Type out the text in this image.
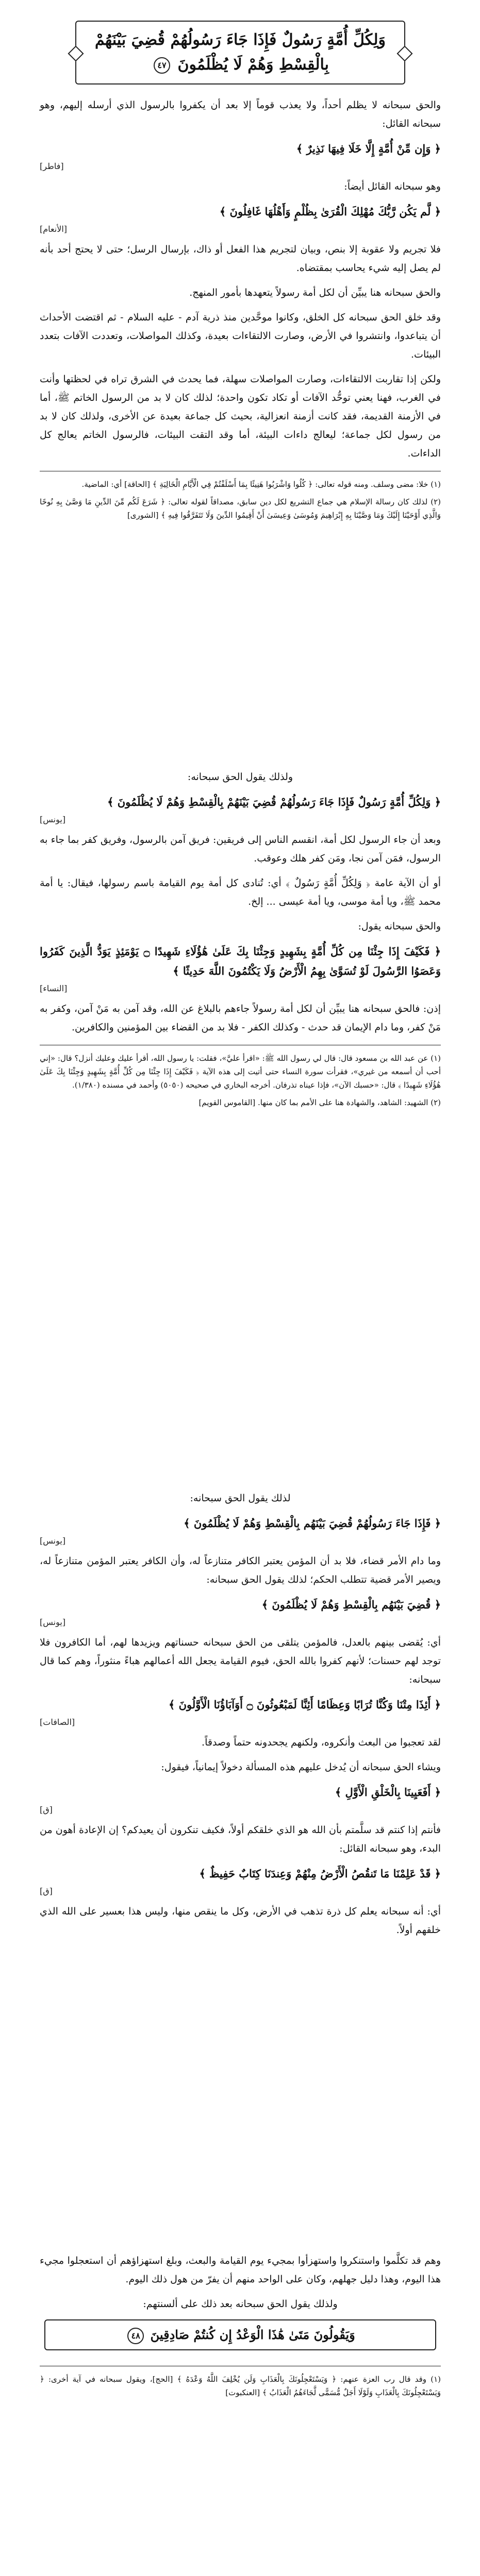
وَلِكُلِّ أُمَّةٍ رَسُولٌ فَإِذَا جَاءَ رَسُولُهُمْ قُضِيَ بَيْنَهُمْ بِالْقِسْطِ وَهُمْ لَا يُظْلَمُونَ ٤٧

والحق سبحانه لا يظلم أحداً، ولا يعذب قوماً إلا بعد أن يكفروا بالرسول الذي أرسله إليهم، وهو سبحانه القائل:

﴿ وَإِن مِّنْ أُمَّةٍ إِلَّا خَلَا فِيهَا نَذِيرٌ ﴾

[فاطر]

وهو سبحانه القائل أيضاً:

﴿ لَّم يَكُن رَّبُّكَ مُهْلِكَ الْقُرَىٰ بِظُلْمٍ وَأَهْلُهَا غَافِلُونَ ﴾

[الأنعام]

فلا تجريم ولا عقوبة إلا بنص، وبيان لتجريم هذا الفعل أو ذاك، بإرسال الرسل؛ حتى لا يحتج أحد بأنه لم يصل إليه شيء يحاسب بمقتضاه.

والحق سبحانه هنا يبيِّن أن لكل أمة رسولاً يتعهدها بأمور المنهج.

وقد خلق الحق سبحانه كل الخلق، وكانوا موحَّدين منذ ذرية آدم - عليه السلام - ثم اقتضت الأحداث أن يتباعدوا، وانتشروا في الأرض، وصارت الالتقاءات بعيدة، وكذلك المواصلات، وتعددت الآفات بتعدد البيئات.

ولكن إذا تقاربت الالتقاءات، وصارت المواصلات سهلة، فما يحدث في الشرق تراه في لحظتها وأنت في الغرب، فهنا يعني توحُّد الآفات أو تكاد تكون واحدة؛ لذلك كان لا بد من الرسول الخاتم ﷺ، أما في الأزمنة القديمة، فقد كانت أزمنة انعزالية، بحيث كل جماعة بعيدة عن الأخرى، ولذلك كان لا بد من رسول لكل جماعة؛ ليعالج داءات البيئة، أما وقد التقت البيئات، فالرسول الخاتم يعالج كل الداءات.

(١) خلا: مضى وسلف. ومنه قوله تعالى: ﴿ كُلُوا وَاشْرَبُوا هَنِيئًا بِمَا أَسْلَفْتُمْ فِي الْأَيَّامِ الْخَالِيَةِ ﴾ [الحاقة] أي: الماضية.

(٢) لذلك كان رسالة الإسلام هي جماع التشريع لكل دين سابق، مصداقاً لقوله تعالى: ﴿ شَرَعَ لَكُم مِّنَ الدِّينِ مَا وَصَّىٰ بِهِ نُوحًا وَالَّذِي أَوْحَيْنَا إِلَيْكَ وَمَا وَصَّيْنَا بِهِ إِبْرَاهِيمَ وَمُوسَىٰ وَعِيسَىٰ أَنْ أَقِيمُوا الدِّينَ وَلَا تَتَفَرَّقُوا فِيهِ ﴾ [الشورى]

ولذلك يقول الحق سبحانه:

﴿ وَلِكُلِّ أُمَّةٍ رَسُولٌ فَإِذَا جَاءَ رَسُولُهُمْ قُضِيَ بَيْنَهُمْ بِالْقِسْطِ وَهُمْ لَا يُظْلَمُونَ ﴾

[يونس]

وبعد أن جاء الرسول لكل أمة، انقسم الناس إلى فريقين: فريق آمن بالرسول، وفريق كفر بما جاء به الرسول، فمَن آمن نجا، ومَن كفر هلك وعوقب.

أو أن الآية عامة ﴿ وَلِكُلِّ أُمَّةٍ رَسُولٌ ﴾ أي: تُنادى كل أمة يوم القيامة باسم رسولها، فيقال: يا أمة محمد ﷺ، ويا أمة موسى، ويا أمة عيسى ... إلخ.

والحق سبحانه يقول:

﴿ فَكَيْفَ إِذَا جِئْنَا مِن كُلِّ أُمَّةٍ بِشَهِيدٍ وَجِئْنَا بِكَ عَلَىٰ هَٰؤُلَاءِ شَهِيدًا ۝ يَوْمَئِذٍ يَوَدُّ الَّذِينَ كَفَرُوا وَعَصَوُا الرَّسُولَ لَوْ تُسَوَّىٰ بِهِمُ الْأَرْضُ وَلَا يَكْتُمُونَ اللَّهَ حَدِيثًا ﴾

[النساء]

إذن: فالحق سبحانه هنا يبيِّن أن لكل أمة رسولاً جاءهم بالبلاغ عن الله، وقد آمن به مَنْ آمن، وكفر به مَنْ كفر، وما دام الإيمان قد حدث - وكذلك الكفر - فلا بد من القضاء بين المؤمنين والكافرين.

(١) عن عبد الله بن مسعود قال: قال لي رسول الله ﷺ: «اقرأ عليَّ»، فقلت: يا رسول الله، أقرأ عليك وعليك أنزل؟ قال: «إني أحب أن أسمعه من غيري»، فقرأت سورة النساء حتى أتيت إلى هذه الآية ﴿ فَكَيْفَ إِذَا جِئْنَا مِن كُلِّ أُمَّةٍ بِشَهِيدٍ وَجِئْنَا بِكَ عَلَىٰ هَٰؤُلَاءِ شَهِيدًا ﴾ قال: «حسبك الآن»، فإذا عيناه تذرفان. أخرجه البخاري في صحيحه (٥٠٥٠) وأحمد في مسنده (١/٣٨٠).

(٢) الشهيد: الشاهد، والشهادة هنا على الأمم بما كان منها. [القاموس القويم]

لذلك يقول الحق سبحانه:

﴿ فَإِذَا جَاءَ رَسُولُهُمْ قُضِيَ بَيْنَهُم بِالْقِسْطِ وَهُمْ لَا يُظْلَمُونَ ﴾

[يونس]

وما دام الأمر قضاء، فلا بد أن المؤمن يعتبر الكافر متنازعاً له، وأن الكافر يعتبر المؤمن متنازعاً له، ويصير الأمر قضية تتطلب الحكم؛ لذلك يقول الحق سبحانه:

﴿ قُضِيَ بَيْنَهُم بِالْقِسْطِ وَهُمْ لَا يُظْلَمُونَ ﴾

[يونس]

أي: يُقضى بينهم بالعدل، فالمؤمن يتلقى من الحق سبحانه حسناتهم ويزيدها لهم، أما الكافرون فلا توجد لهم حسنات؛ لأنهم كفروا بالله الحق، فيوم القيامة يجعل الله أعمالهم هباءً منثوراً، وهم كما قال سبحانه:

﴿ أَئِذَا مِتْنَا وَكُنَّا تُرَابًا وَعِظَامًا أَئِنَّا لَمَبْعُوثُونَ ۝ أَوَآبَاؤُنَا الْأَوَّلُونَ ﴾

[الصافات]

لقد تعجبوا من البعث وأنكروه، ولكنهم يجحدونه حتماً وصدقاً.

ويشاء الحق سبحانه أن يُدخل عليهم هذه المسألة دخولاً إيمانياً، فيقول:

﴿ أَفَعَيِينَا بِالْخَلْقِ الْأَوَّلِ ﴾

[ق]

فأنتم إذا كنتم قد سلَّمتم بأن الله هو الذي خلقكم أولاً، فكيف تنكرون أن يعيدكم؟ إن الإعادة أهون من البدء، وهو سبحانه القائل:

﴿ قَدْ عَلِمْنَا مَا تَنقُصُ الْأَرْضُ مِنْهُمْ وَعِندَنَا كِتَابٌ حَفِيظٌ ﴾

[ق]

أي: أنه سبحانه يعلم كل ذرة تذهب في الأرض، وكل ما ينقص منها، وليس هذا بعسير على الله الذي خلقهم أولاً.

وهم قد تكلَّموا واستنكروا واستهزأوا بمجيء يوم القيامة والبعث، وبلغ استهزاؤهم أن استعجلوا مجيء هذا اليوم، وهذا دليل جهلهم، وكان على الواحد منهم أن يفرّ من هول ذلك اليوم.

ولذلك يقول الحق سبحانه بعد ذلك على ألسنتهم:

وَيَقُولُونَ مَتَىٰ هَٰذَا الْوَعْدُ إِن كُنتُمْ صَادِقِينَ ٤٨

(١) وقد قال رب العزة عنهم: ﴿ وَيَسْتَعْجِلُونَكَ بِالْعَذَابِ وَلَن يُخْلِفَ اللَّهُ وَعْدَهُ ﴾ [الحج]، ويقول سبحانه في آية أخرى: ﴿ وَيَسْتَعْجِلُونَكَ بِالْعَذَابِ وَلَوْلَا أَجَلٌ مُّسَمًّى لَّجَاءَهُمُ الْعَذَابُ ﴾ [العنكبوت]
